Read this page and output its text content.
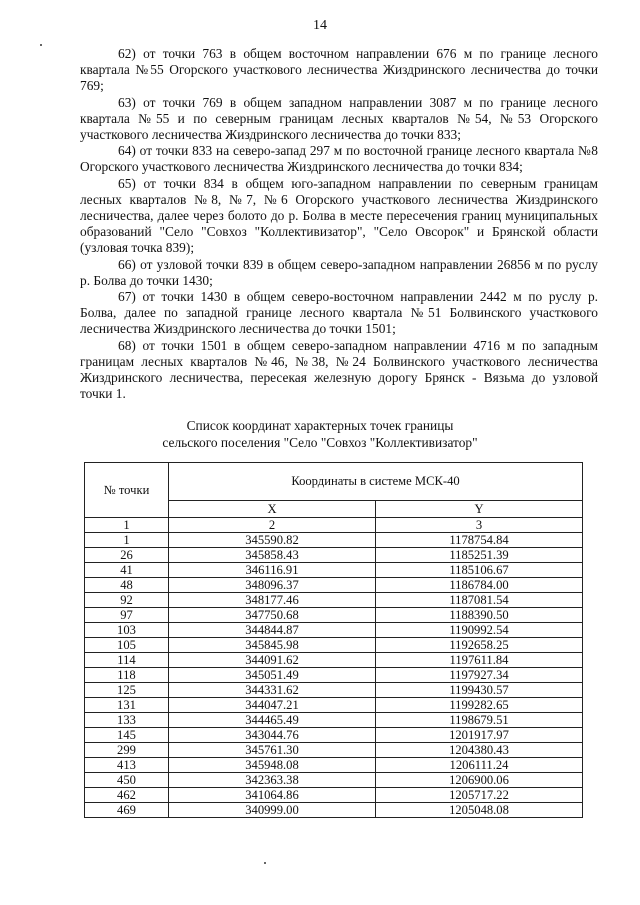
14

62) от точки 763 в общем восточном направлении 676 м по границе лесного квартала №55 Огорского участкового лесничества Жиздринского лесничества до точки 769;

63) от точки 769 в общем западном направлении 3087 м по границе лесного квартала №55 и по северным границам лесных кварталов №54, №53 Огорского участкового лесничества Жиздринского лесничества до точки 833;

64) от точки 833 на северо-запад 297 м по восточной границе лесного квартала №8 Огорского участкового лесничества Жиздринского лесничества до точки 834;

65) от точки 834 в общем юго-западном направлении по северным границам лесных кварталов №8, №7, №6 Огорского участкового лесничества Жиздринского лесничества, далее через болото до р. Болва в месте пересечения границ муниципальных образований "Село "Совхоз "Коллективизатор", "Село Овсорок" и Брянской области (узловая точка 839);

66) от узловой точки 839 в общем северо-западном направлении 26856 м по руслу р. Болва до точки 1430;

67) от точки 1430 в общем северо-восточном направлении 2442 м по руслу р. Болва, далее по западной границе лесного квартала №51 Болвинского участкового лесничества Жиздринского лесничества до точки 1501;

68) от точки 1501 в общем северо-западном направлении 4716 м по западным границам лесных кварталов №46, №38, №24 Болвинского участкового лесничества Жиздринского лесничества, пересекая железную дорогу Брянск - Вязьма до узловой точки 1.

Список координат характерных точек границы
сельского поселения "Село "Совхоз "Коллективизатор"
№ точки	Координаты в системе МСК-40	
	X	Y
1	2	3
1	345590.82	1178754.84
26	345858.43	1185251.39
41	346116.91	1185106.67
48	348096.37	1186784.00
92	348177.46	1187081.54
97	347750.68	1188390.50
103	344844.87	1190992.54
105	345845.98	1192658.25
114	344091.62	1197611.84
118	345051.49	1197927.34
125	344331.62	1199430.57
131	344047.21	1199282.65
133	344465.49	1198679.51
145	343044.76	1201917.97
299	345761.30	1204380.43
413	345948.08	1206111.24
450	342363.38	1206900.06
462	341064.86	1205717.22
469	340999.00	1205048.08
